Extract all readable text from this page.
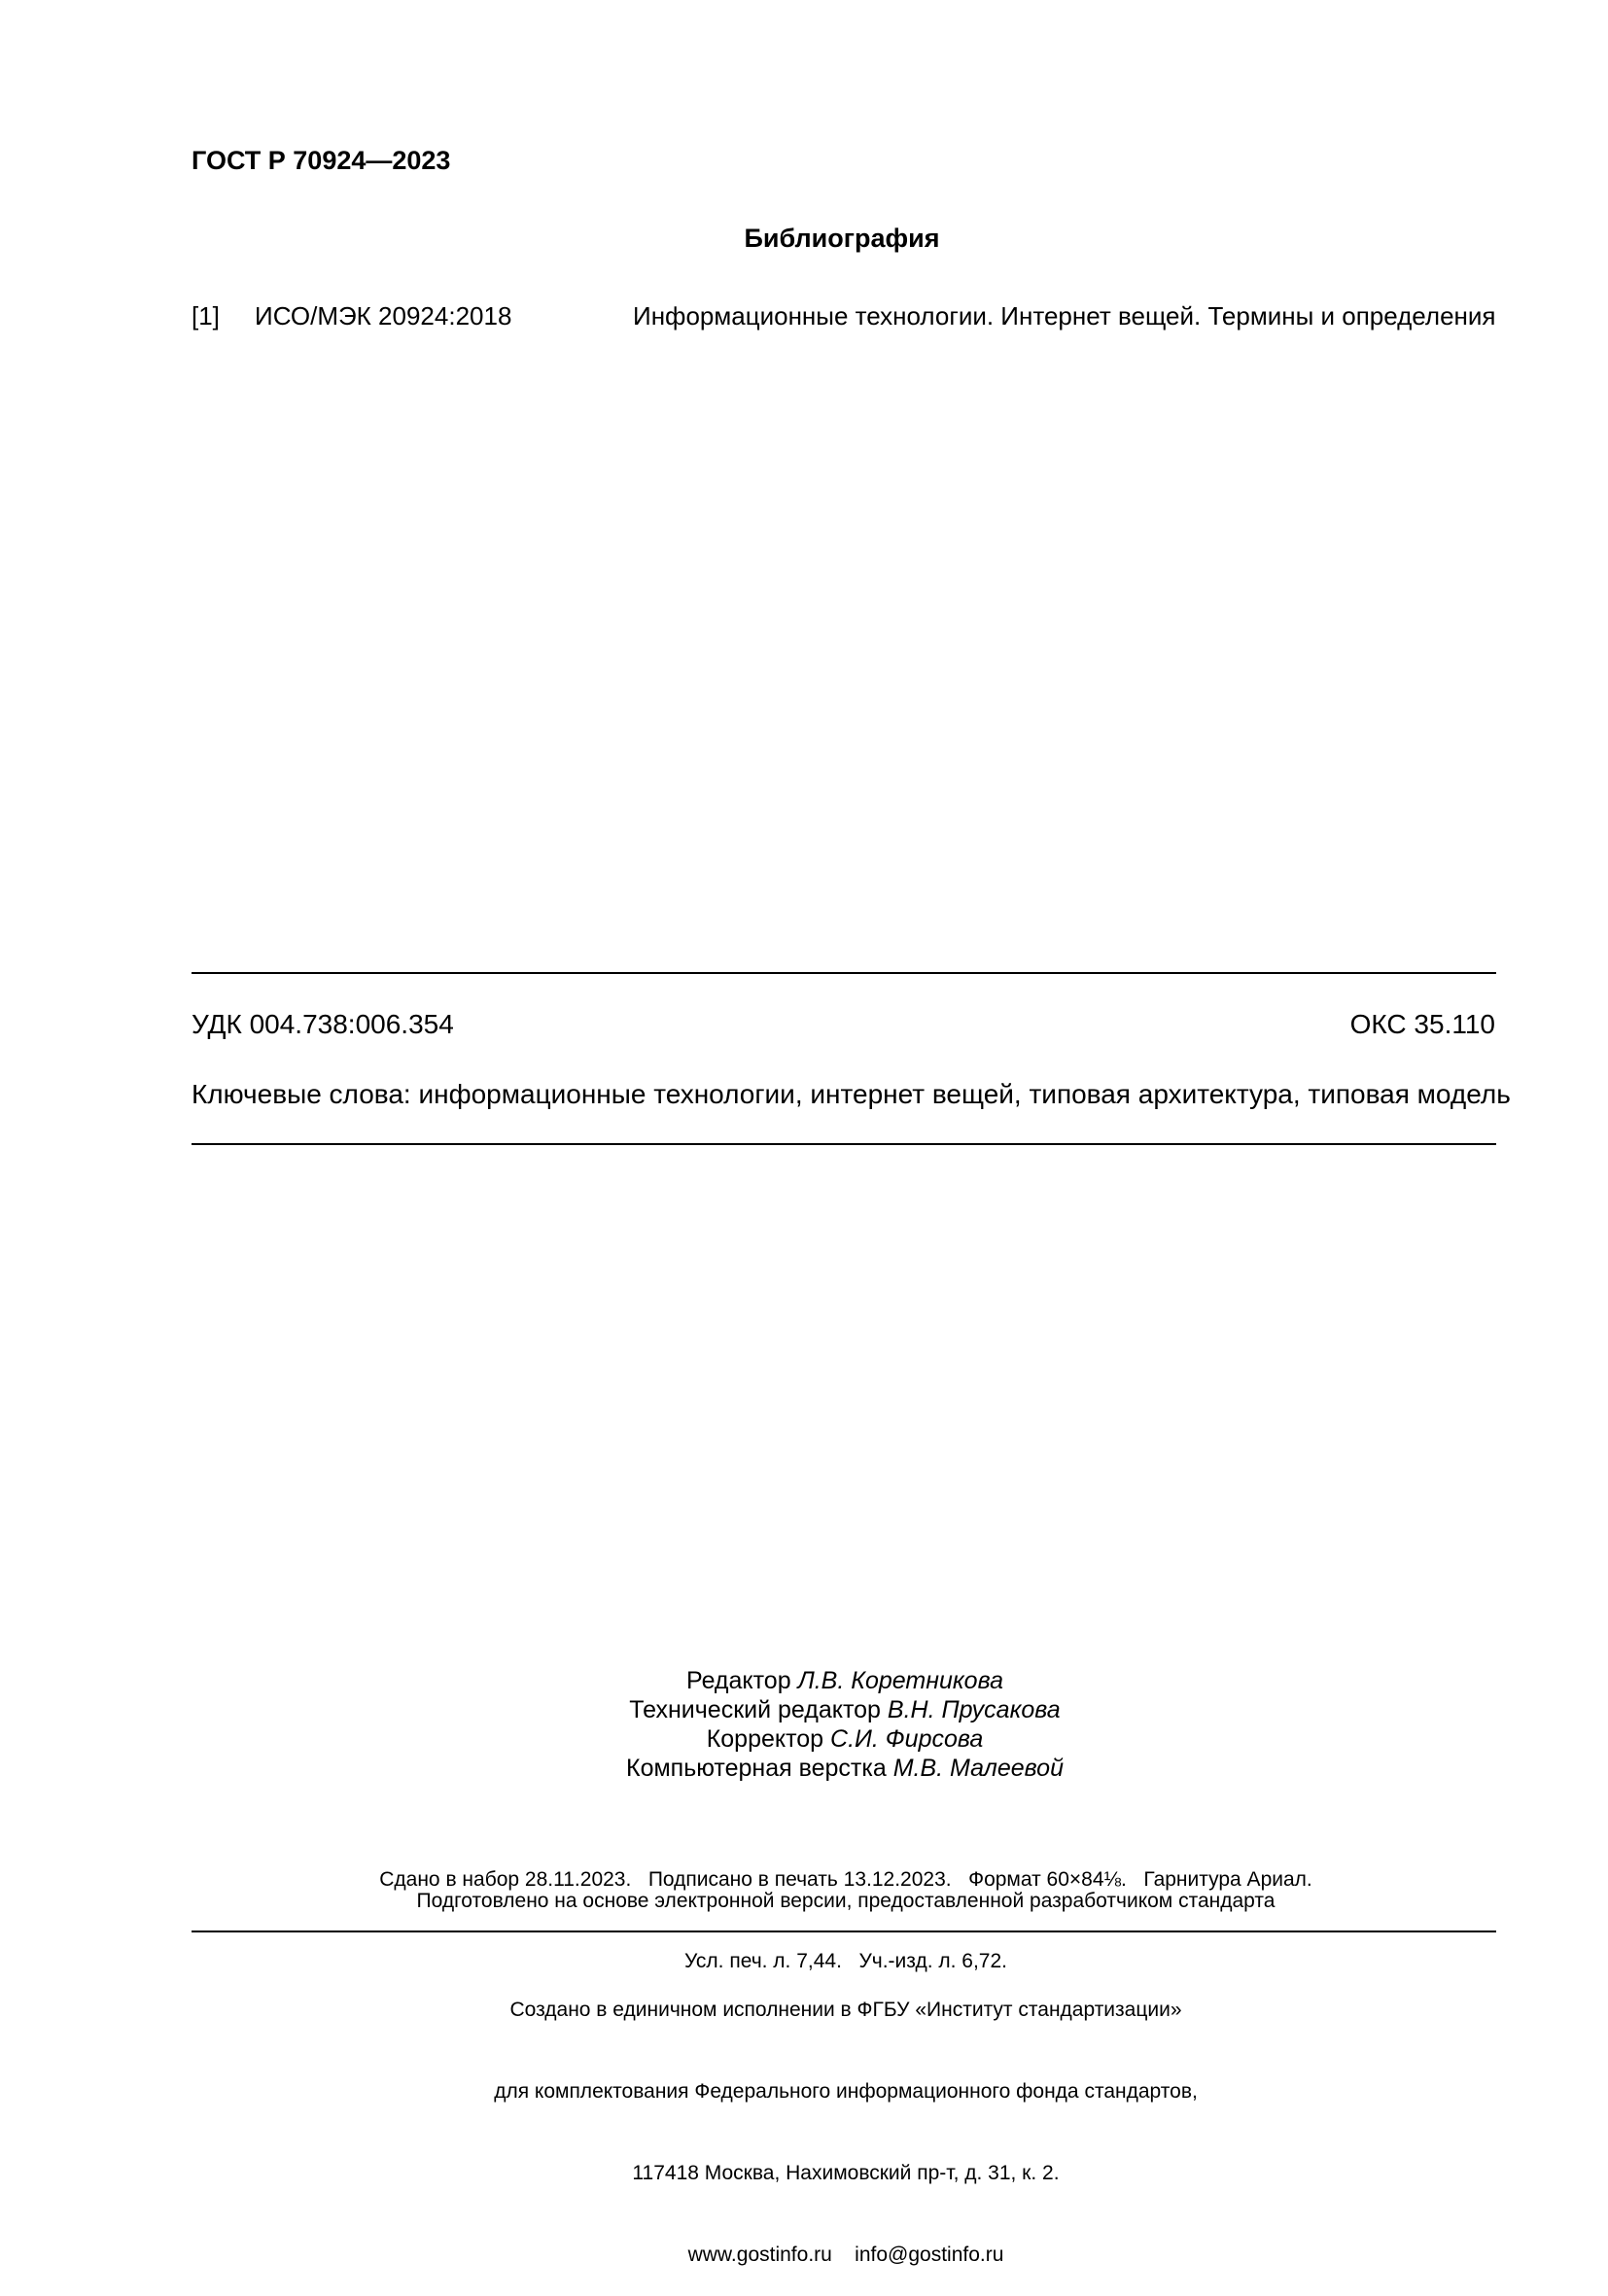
ГОСТ Р 70924—2023
Библиография
[1] ИСО/МЭК 20924:2018	Информационные технологии. Интернет вещей. Термины и определения
УДК 004.738:006.354	ОКС 35.110
Ключевые слова: информационные технологии, интернет вещей, типовая архитектура, типовая модель
Редактор Л.В. Коретникова
Технический редактор В.Н. Прусакова
Корректор С.И. Фирсова
Компьютерная верстка М.В. Малеевой

Сдано в набор 28.11.2023.   Подписано в печать 13.12.2023.   Формат 60×84⅛.   Гарнитура Ариал.

Усл. печ. л. 7,44.   Уч.-изд. л. 6,72.

Подготовлено на основе электронной версии, предоставленной разработчиком стандарта

Создано в единичном исполнении в ФГБУ «Институт стандартизации»

для комплектования Федерального информационного фонда стандартов,

117418 Москва, Нахимовский пр-т, д. 31, к. 2.

www.gostinfo.ru    info@gostinfo.ru
